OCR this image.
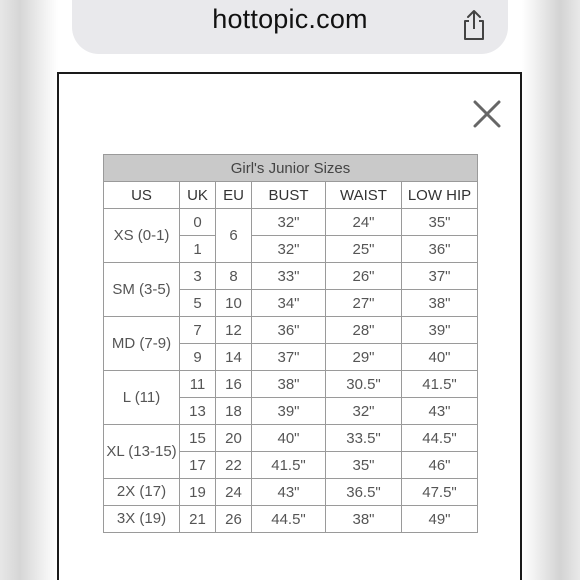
hottopic.com
Girl's Junior Sizes					
US	UK	EU	BUST	WAIST	LOW HIP
XS (0-1)	0	6	32"	24"	35"
	1		32"	25"	36"
SM (3-5)	3	8	33"	26"	37"
	5	10	34"	27"	38"
MD (7-9)	7	12	36"	28"	39"
	9	14	37"	29"	40"
L (11)	11	16	38"	30.5"	41.5"
	13	18	39"	32"	43"
XL (13-15)	15	20	40"	33.5"	44.5"
	17	22	41.5"	35"	46"
2X (17)	19	24	43"	36.5"	47.5"
3X (19)	21	26	44.5"	38"	49"
